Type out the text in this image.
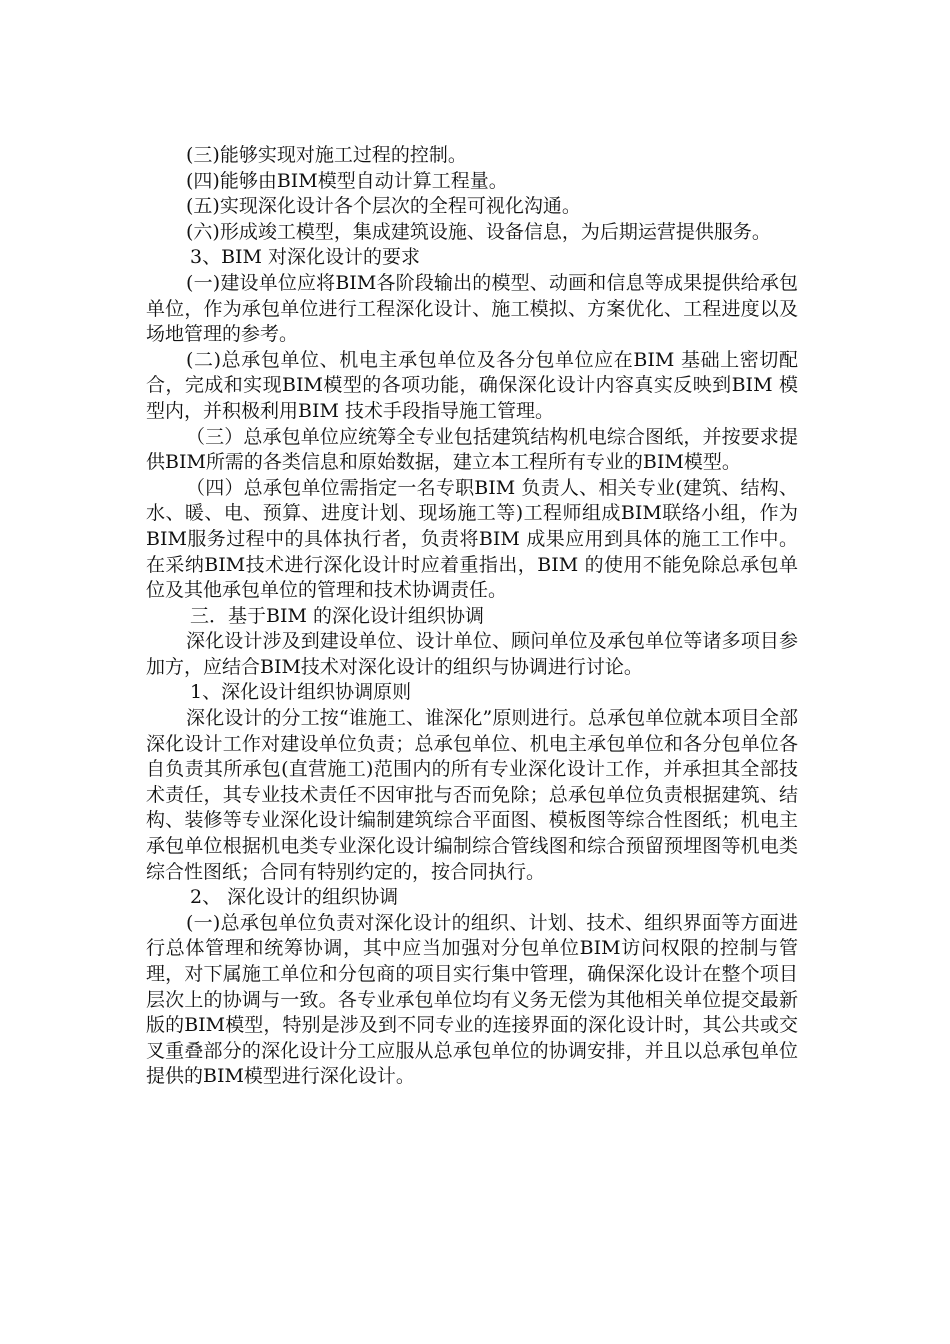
(三)能够实现对施工过程的控制。

(四)能够由BIM模型自动计算工程量。

(五)实现深化设计各个层次的全程可视化沟通。

(六)形成竣工模型，集成建筑设施、设备信息，为后期运营提供服务。

3、BIM 对深化设计的要求

(一)建设单位应将BIM各阶段输出的模型、动画和信息等成果提供给承包单位，作为承包单位进行工程深化设计、施工模拟、方案优化、工程进度以及场地管理的参考。

(二)总承包单位、机电主承包单位及各分包单位应在BIM 基础上密切配合，完成和实现BIM模型的各项功能，确保深化设计内容真实反映到BIM 模型内，并积极利用BIM 技术手段指导施工管理。

（三）总承包单位应统筹全专业包括建筑结构机电综合图纸，并按要求提供BIM所需的各类信息和原始数据，建立本工程所有专业的BIM模型。

（四）总承包单位需指定一名专职BIM 负责人、相关专业(建筑、结构、水、暖、电、预算、进度计划、现场施工等)工程师组成BIM联络小组，作为BIM服务过程中的具体执行者，负责将BIM 成果应用到具体的施工工作中。在采纳BIM技术进行深化设计时应着重指出，BIM 的使用不能免除总承包单位及其他承包单位的管理和技术协调责任。

三．基于BIM 的深化设计组织协调

深化设计涉及到建设单位、设计单位、顾问单位及承包单位等诸多项目参加方，应结合BIM技术对深化设计的组织与协调进行讨论。

1、深化设计组织协调原则

深化设计的分工按“谁施工、谁深化”原则进行。总承包单位就本项目全部深化设计工作对建设单位负责；总承包单位、机电主承包单位和各分包单位各自负责其所承包(直营施工)范围内的所有专业深化设计工作，并承担其全部技术责任，其专业技术责任不因审批与否而免除；总承包单位负责根据建筑、结构、装修等专业深化设计编制建筑综合平面图、模板图等综合性图纸；机电主承包单位根据机电类专业深化设计编制综合管线图和综合预留预埋图等机电类综合性图纸；合同有特别约定的，按合同执行。

2、 深化设计的组织协调

(一)总承包单位负责对深化设计的组织、计划、技术、组织界面等方面进行总体管理和统筹协调，其中应当加强对分包单位BIM访问权限的控制与管理，对下属施工单位和分包商的项目实行集中管理，确保深化设计在整个项目层次上的协调与一致。各专业承包单位均有义务无偿为其他相关单位提交最新版的BIM模型，特别是涉及到不同专业的连接界面的深化设计时，其公共或交叉重叠部分的深化设计分工应服从总承包单位的协调安排，并且以总承包单位提供的BIM模型进行深化设计。
